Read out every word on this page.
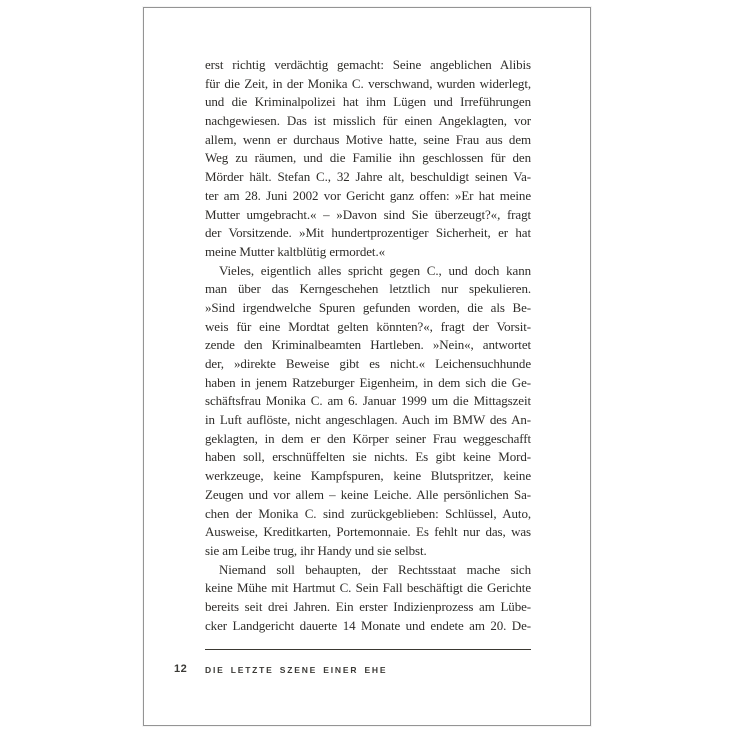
erst richtig verdächtig gemacht: Seine angeblichen Alibis
für die Zeit, in der Monika C. verschwand, wurden widerlegt,
und die Kriminalpolizei hat ihm Lügen und Irreführungen
nachgewiesen. Das ist misslich für einen Angeklagten, vor
allem, wenn er durchaus Motive hatte, seine Frau aus dem
Weg zu räumen, und die Familie ihn geschlossen für den
Mörder hält. Stefan C., 32 Jahre alt, beschuldigt seinen Va-
ter am 28. Juni 2002 vor Gericht ganz offen: »Er hat meine
Mutter umgebracht.« – »Davon sind Sie überzeugt?«, fragt
der Vorsitzende. »Mit hundertprozentiger Sicherheit, er hat
meine Mutter kaltblütig ermordet.«
Vieles, eigentlich alles spricht gegen C., und doch kann
man über das Kerngeschehen letztlich nur spekulieren.
»Sind irgendwelche Spuren gefunden worden, die als Be-
weis für eine Mordtat gelten könnten?«, fragt der Vorsit-
zende den Kriminalbeamten Hartleben. »Nein«, antwortet
der, »direkte Beweise gibt es nicht.« Leichensuchhunde
haben in jenem Ratzeburger Eigenheim, in dem sich die Ge-
schäftsfrau Monika C. am 6. Januar 1999 um die Mittagszeit
in Luft auflöste, nicht angeschlagen. Auch im BMW des An-
geklagten, in dem er den Körper seiner Frau weggeschafft
haben soll, erschnüffelten sie nichts. Es gibt keine Mord-
werkzeuge, keine Kampfspuren, keine Blutspritzer, keine
Zeugen und vor allem – keine Leiche. Alle persönlichen Sa-
chen der Monika C. sind zurückgeblieben: Schlüssel, Auto,
Ausweise, Kreditkarten, Portemonnaie. Es fehlt nur das, was
sie am Leibe trug, ihr Handy und sie selbst.
Niemand soll behaupten, der Rechtsstaat mache sich
keine Mühe mit Hartmut C. Sein Fall beschäftigt die Gerichte
bereits seit drei Jahren. Ein erster Indizienprozess am Lübe-
cker Landgericht dauerte 14 Monate und endete am 20. De-
12 DIE LETZTE SZENE EINER EHE
